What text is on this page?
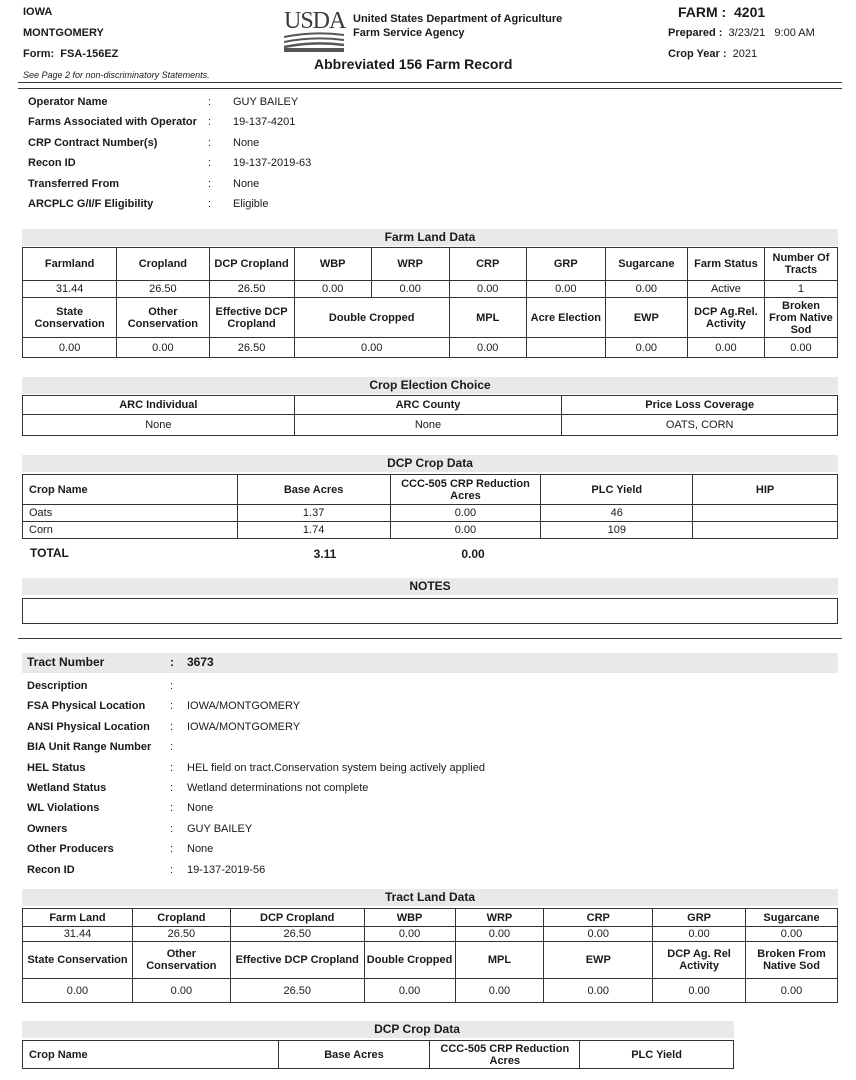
IOWA
MONTGOMERY
Form: FSA-156EZ
See Page 2 for non-discriminatory Statements.
USDA United States Department of Agriculture
Farm Service Agency
Abbreviated 156 Farm Record
FARM : 4201
Prepared : 3/23/21 9:00 AM
Crop Year : 2021
Operator Name	: GUY BAILEY
Farms Associated with Operator : 19-137-4201
CRP Contract Number(s)	: None
Recon ID	: 19-137-2019-63
Transferred From	: None
ARCPLC G/I/F Eligibility	: Eligible
Farm Land Data
Farmland	Cropland	DCP Cropland	WBP	WRP	CRP	GRP	Sugarcane	Farm Status	Number Of Tracts
31.44	26.50	26.50	0.00	0.00	0.00	0.00	0.00	Active	1
State Conservation	Other Conservation	Effective DCP Cropland	Double Cropped		MPL	Acre Election	EWP	DCP Ag.Rel. Activity	Broken From Native Sod
0.00	0.00	26.50	0.00		0.00		0.00	0.00	0.00
Crop Election Choice
ARC Individual	ARC County	Price Loss Coverage
None	None	OATS, CORN
DCP Crop Data
Crop Name	Base Acres	CCC-505 CRP Reduction Acres	PLC Yield	HIP
Oats	1.37	0.00	46	
Corn	1.74	0.00	109	
TOTAL	3.11	0.00
NOTES
Tract Number	: 3673
Description	:
FSA Physical Location : IOWA/MONTGOMERY
ANSI Physical Location : IOWA/MONTGOMERY
BIA Unit Range Number :
HEL Status	: HEL field on tract.Conservation system being actively applied
Wetland Status	: Wetland determinations not complete
WL Violations	: None
Owners	: GUY BAILEY
Other Producers	: None
Recon ID	: 19-137-2019-56
Tract Land Data
Farm Land	Cropland	DCP Cropland	WBP	WRP	CRP	GRP	Sugarcane
31.44	26.50	26.50	0.00	0.00	0.00	0.00	0.00
State Conservation	Other Conservation	Effective DCP Cropland	Double Cropped	MPL	EWP	DCP Ag. Rel Activity	Broken From Native Sod
0.00	0.00	26.50	0.00	0.00	0.00	0.00	0.00
DCP Crop Data
Crop Name	Base Acres	CCC-505 CRP Reduction Acres	PLC Yield
